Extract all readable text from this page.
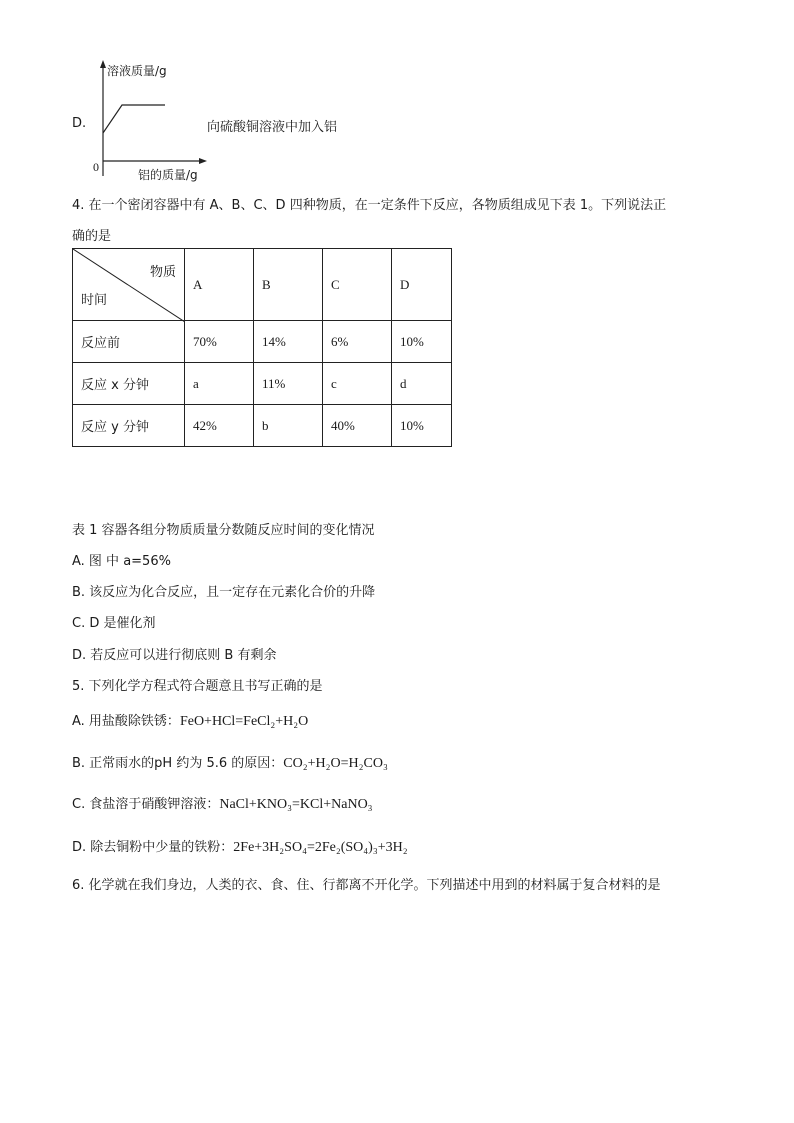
D.
溶液质量/g
铝的质量/g
0
向硫酸铜溶液中加入铝
4. 在一个密闭容器中有 A、B、C、D 四种物质，在一定条件下反应，各物质组成见下表 1。下列说法正
确的是
物质
时间	A	B	C	D
反应前	70%	14%	6%	10%
反应 x 分钟	a	11%	c	d
反应 y 分钟	42%	b	40%	10%
表 1 容器各组分物质质量分数随反应时间的变化情况
A. 图 中 a=56%
B. 该反应为化合反应，且一定存在元素化合价的升降
C. D 是催化剂
D. 若反应可以进行彻底则 B 有剩余
5. 下列化学方程式符合题意且书写正确的是
A. 用盐酸除铁锈：FeO+HCl=FeCl₂+H₂O
B. 正常雨水的pH 约为 5.6 的原因：CO₂+H₂O=H₂CO₃
C. 食盐溶于硝酸钾溶液：NaCl+KNO₃=KCl+NaNO₃
D. 除去铜粉中少量的铁粉：2Fe+3H₂SO₄=2Fe₂(SO₄)₃+3H₂
6. 化学就在我们身边，人类的衣、食、住、行都离不开化学。下列描述中用到的材料属于复合材料的是
